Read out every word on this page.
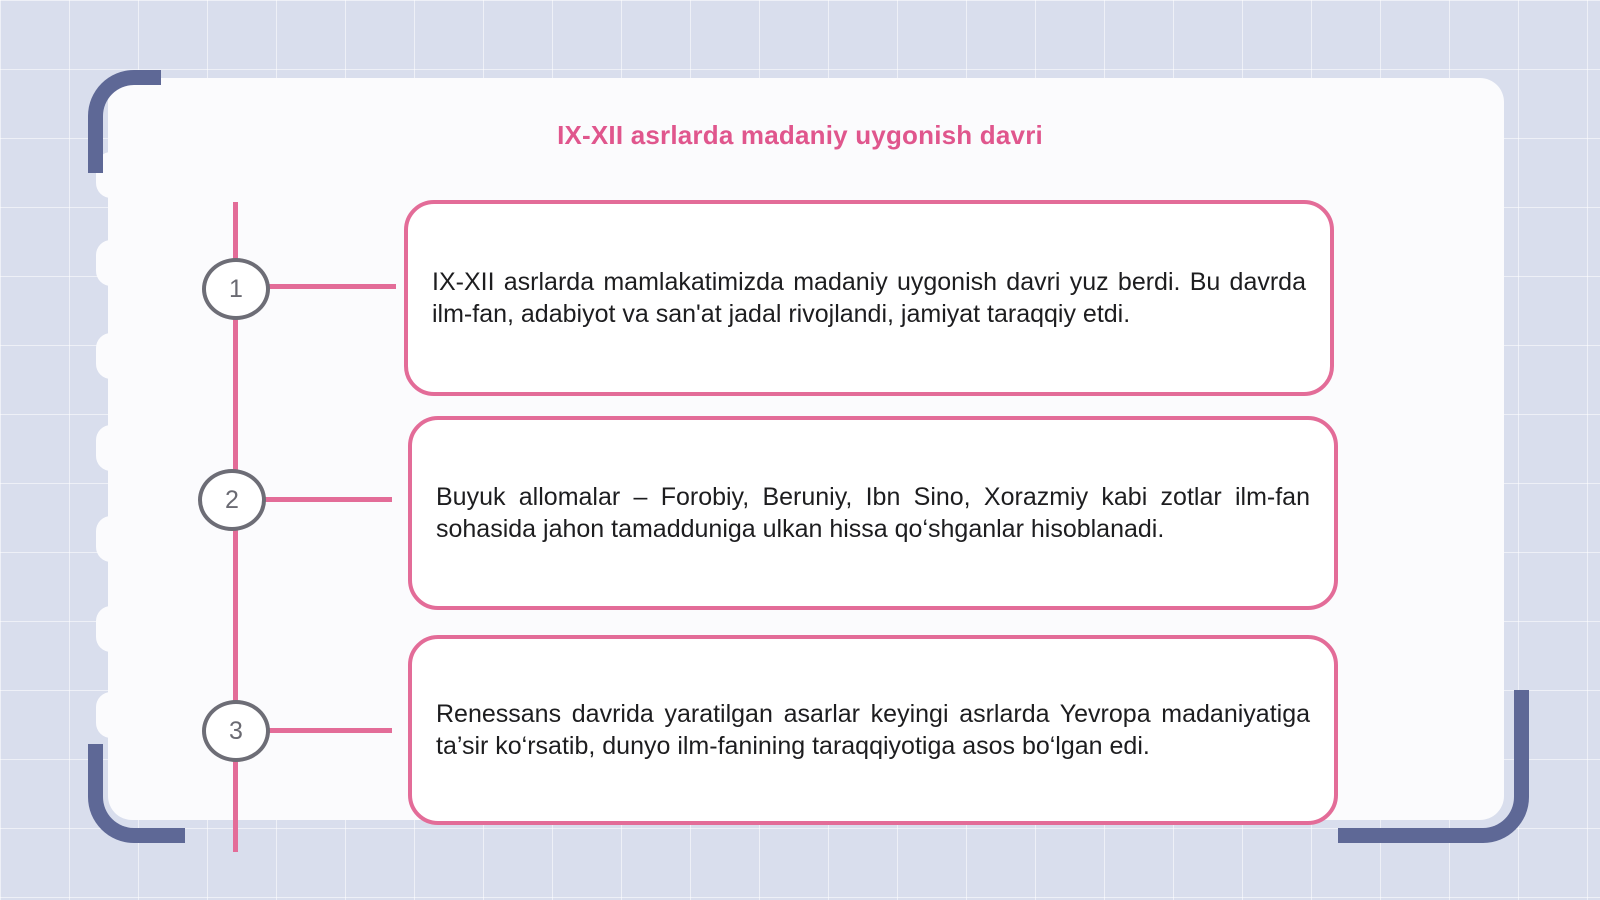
IX-XII asrlarda madaniy uygonish davri
1	IX-XII asrlarda mamlakatimizda madaniy uygonish davri yuz berdi. Bu davrda ilm-fan, adabiyot va san'at jadal rivojlandi, jamiyat taraqqiy etdi.

2	Buyuk allomalar – Forobiy, Beruniy, Ibn Sino, Xorazmiy kabi zotlar ilm-fan sohasida jahon tamadduniga ulkan hissa qo‘shganlar hisoblanadi.

3

Renessans davrida yaratilgan asarlar keyingi asrlarda Yevropa madaniyatiga ta’sir ko‘rsatib, dunyo ilm-fanining taraqqiyotiga asos bo‘lgan edi.
